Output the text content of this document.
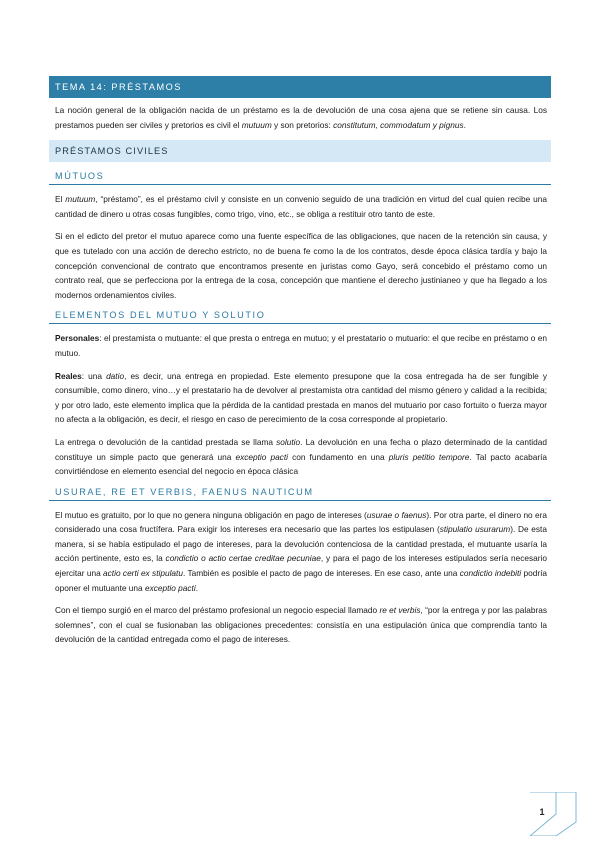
TEMA 14: PRÉSTAMOS

La noción general de la obligación nacida de un préstamo es la de devolución de una cosa ajena que se retiene sin causa. Los prestamos pueden ser civiles y pretorios es civil el mutuum y son pretorios: constitutum, commodatum y pignus.

PRÉSTAMOS CIVILES
MÚTUOS

El mutuum, “préstamo”, es el préstamo civil y consiste en un convenio seguido de una tradición en virtud del cual quien recibe una cantidad de dinero u otras cosas fungibles, como trigo, vino, etc., se obliga a restituir otro tanto de este.

Si en el edicto del pretor el mutuo aparece como una fuente específica de las obligaciones, que nacen de la retención sin causa, y que es tutelado con una acción de derecho estricto, no de buena fe como la de los contratos, desde época clásica tardía y bajo la concepción convencional de contrato que encontramos presente en juristas como Gayo, será concebido el préstamo como un contrato real, que se perfecciona por la entrega de la cosa, concepción que mantiene el derecho justinianeo y que ha llegado a los modernos ordenamientos civiles.

ELEMENTOS DEL MUTUO Y SOLUTIO

Personales: el prestamista o mutuante: el que presta o entrega en mutuo; y el prestatario o mutuario: el que recibe en préstamo o en mutuo.

Reales: una datio, es decir, una entrega en propiedad. Este elemento presupone que la cosa entregada ha de ser fungible y consumible, como dinero, vino…y el prestatario ha de devolver al prestamista otra cantidad del mismo género y calidad a la recibida; y por otro lado, este elemento implica que la pérdida de la cantidad prestada en manos del mutuario por caso fortuito o fuerza mayor no afecta a la obligación, es decir, el riesgo en caso de perecimiento de la cosa corresponde al propietario.

La entrega o devolución de la cantidad prestada se llama solutio. La devolución en una fecha o plazo determinado de la cantidad constituye un simple pacto que generará una exceptio pacti con fundamento en una pluris petitio tempore. Tal pacto acabaría convirtiéndose en elemento esencial del negocio en época clásica

USURAE, RE ET VERBIS, FAENUS NAUTICUM

El mutuo es gratuito, por lo que no genera ninguna obligación en pago de intereses (usurae o faenus). Por otra parte, el dinero no era considerado una cosa fructífera. Para exigir los intereses era necesario que las partes los estipulasen (stipulatio usurarum). De esta manera, si se había estipulado el pago de intereses, para la devolución contenciosa de la cantidad prestada, el mutuante usaría la acción pertinente, esto es, la condictio o actio certae creditae pecuniae, y para el pago de los intereses estipulados sería necesario ejercitar una actio certi ex stipulatu. También es posible el pacto de pago de intereses. En ese caso, ante una condictio indebiti podría oponer el mutuante una exceptio pacti.

Con el tiempo surgió en el marco del préstamo profesional un negocio especial llamado re et verbis, “por la entrega y por las palabras solemnes”, con el cual se fusionaban las obligaciones precedentes: consistía en una estipulación única que comprendía tanto la devolución de la cantidad entregada como el pago de intereses.

1
